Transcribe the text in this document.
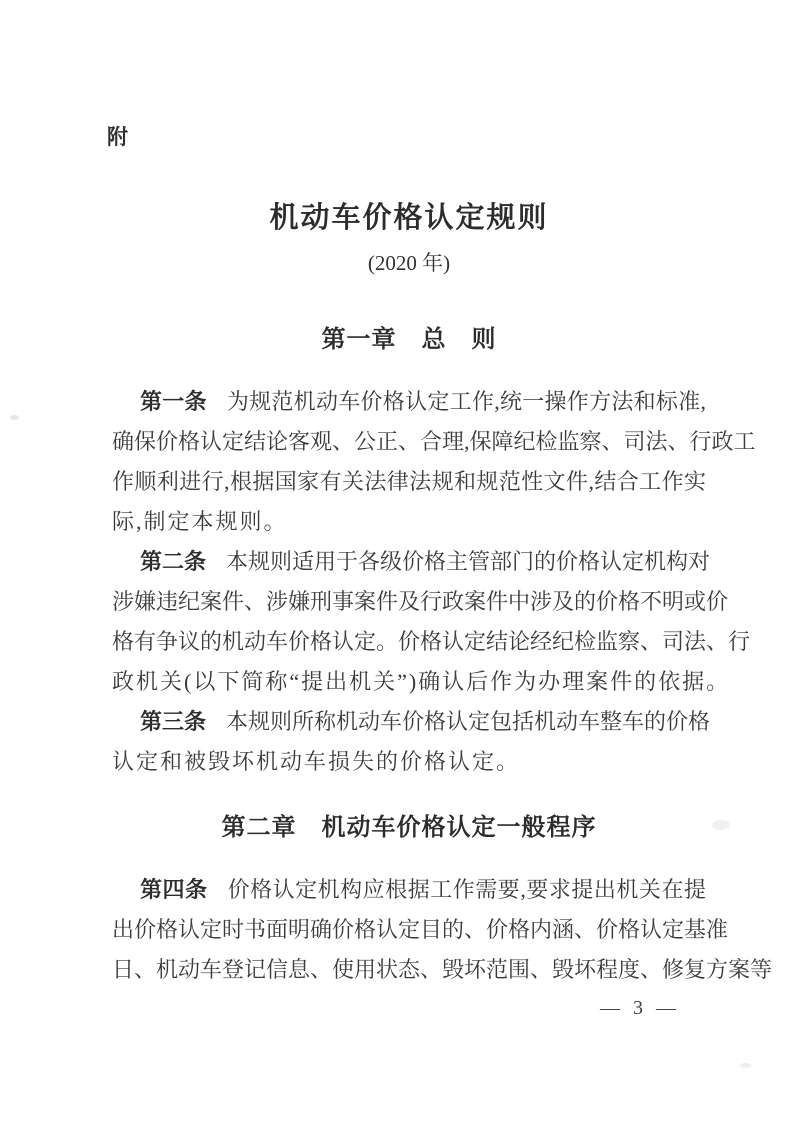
附
机动车价格认定规则
(2020 年)
第一章　总　则
第一条 为规范机动车价格认定工作,统一操作方法和标准,
确保价格认定结论客观、公正、合理,保障纪检监察、司法、行政工
作顺利进行,根据国家有关法律法规和规范性文件,结合工作实
际,制定本规则。
第二条 本规则适用于各级价格主管部门的价格认定机构对
涉嫌违纪案件、涉嫌刑事案件及行政案件中涉及的价格不明或价
格有争议的机动车价格认定。价格认定结论经纪检监察、司法、行
政机关(以下简称“提出机关”)确认后作为办理案件的依据。
第三条 本规则所称机动车价格认定包括机动车整车的价格
认定和被毁坏机动车损失的价格认定。
第二章　机动车价格认定一般程序
第四条 价格认定机构应根据工作需要,要求提出机关在提
出价格认定时书面明确价格认定目的、价格内涵、价格认定基准
日、机动车登记信息、使用状态、毁坏范围、毁坏程度、修复方案等
— 3 —
